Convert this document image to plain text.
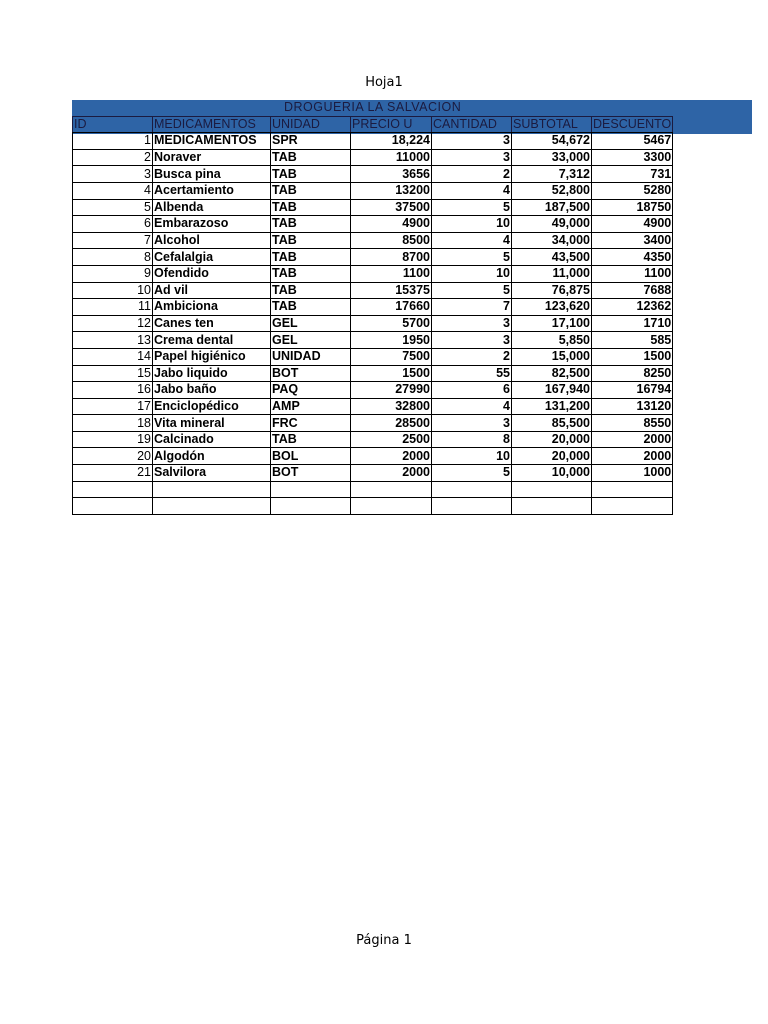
Hoja1
DROGUERIA LA SALVACION						
ID	MEDICAMENTOS	UNIDAD	PRECIO U	CANTIDAD	SUBTOTAL	DESCUENTO
1	MEDICAMENTOS	SPR	18,224	3	54,672	5467
2	Noraver	TAB	11000	3	33,000	3300
3	Busca pina	TAB	3656	2	7,312	731
4	Acertamiento	TAB	13200	4	52,800	5280
5	Albenda	TAB	37500	5	187,500	18750
6	Embarazoso	TAB	4900	10	49,000	4900
7	Alcohol	TAB	8500	4	34,000	3400
8	Cefalalgia	TAB	8700	5	43,500	4350
9	Ofendido	TAB	1100	10	11,000	1100
10	Ad vil	TAB	15375	5	76,875	7688
11	Ambiciona	TAB	17660	7	123,620	12362
12	Canes ten	GEL	5700	3	17,100	1710
13	Crema dental	GEL	1950	3	5,850	585
14	Papel higiénico	UNIDAD	7500	2	15,000	1500
15	Jabo liquido	BOT	1500	55	82,500	8250
16	Jabo baño	PAQ	27990	6	167,940	16794
17	Enciclopédico	AMP	32800	4	131,200	13120
18	Vita mineral	FRC	28500	3	85,500	8550
19	Calcinado	TAB	2500	8	20,000	2000
20	Algodón	BOL	2000	10	20,000	2000
21	Salvilora	BOT	2000	5	10,000	1000

Página 1
